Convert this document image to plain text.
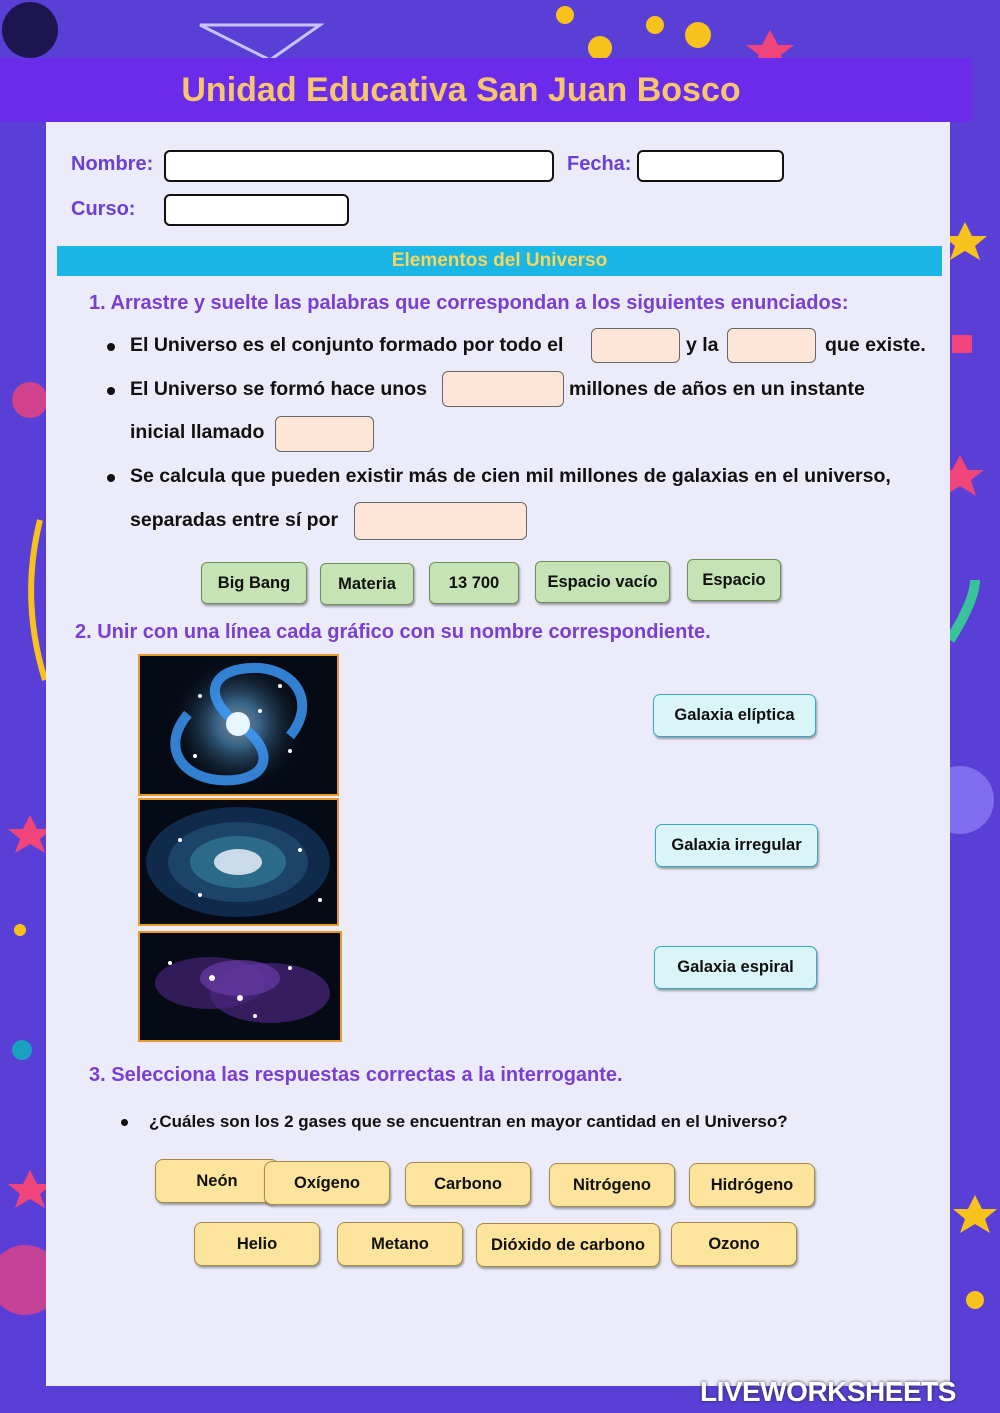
Unidad Educativa San Juan Bosco
Nombre:	Fecha:
Curso:
Elementos del Universo
1. Arrastre y suelte las palabras que correspondan a los siguientes enunciados:
El Universo es el conjunto formado por todo el	y la	que existe.
El Universo se formó hace unos	millones de años en un instante
inicial llamado
Se calcula que pueden existir más de cien mil millones de galaxias en el universo,
separadas entre sí por
Big Bang	Materia	13 700	Espacio vacío	Espacio
2. Unir con una línea cada gráfico con su nombre correspondiente.
Galaxia elíptica
Galaxia irregular
Galaxia espiral
3. Selecciona las respuestas correctas a la interrogante.
¿Cuáles son los 2 gases que se encuentran en mayor cantidad en el Universo?
Neón	Oxígeno	Carbono	Nitrógeno	Hidrógeno
Helio	Metano	Dióxido de carbono	Ozono
LIVEWORKSHEETS
